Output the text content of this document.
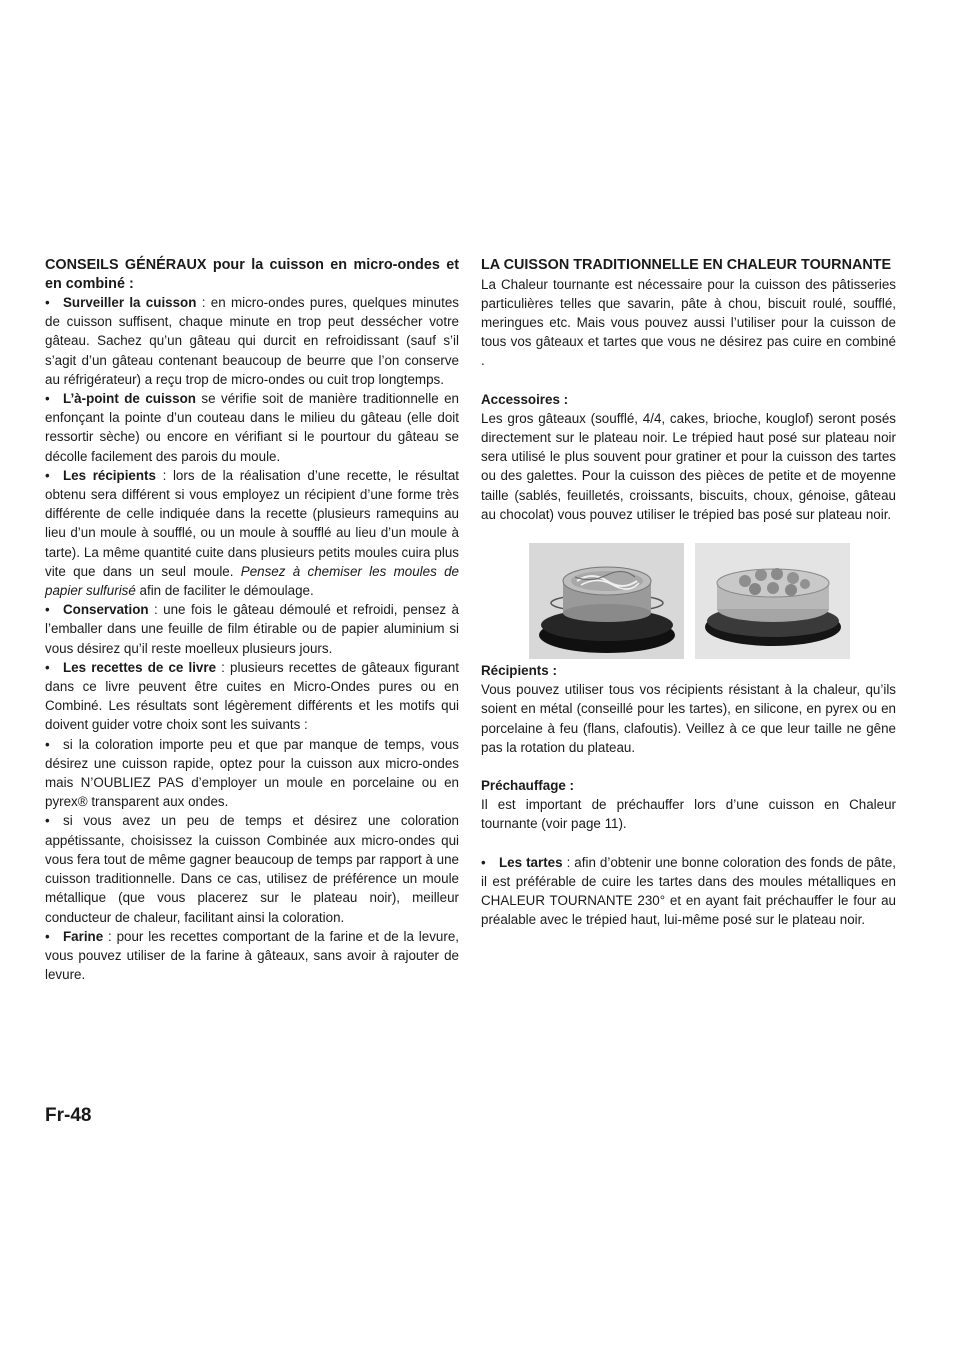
CONSEILS GÉNÉRAUX pour la cuisson en micro-ondes et en combiné :

• Surveiller la cuisson : en micro-ondes pures, quelques minutes de cuisson suffisent, chaque minute en trop peut dessécher votre gâteau. Sachez qu’un gâteau qui durcit en refroidissant (sauf s’il s’agit d’un gâteau contenant beaucoup de beurre que l’on conserve au réfrigérateur) a reçu trop de micro-ondes ou cuit trop longtemps.

• L’à-point de cuisson se vérifie soit de manière traditionnelle en enfonçant la pointe d’un couteau dans le milieu du gâteau (elle doit ressortir sèche) ou encore en vérifiant si le pourtour du gâteau se décolle facilement des parois du moule.

• Les récipients : lors de la réalisation d’une recette, le résultat obtenu sera différent si vous employez un récipient d’une forme très différente de celle indiquée dans la recette (plusieurs ramequins au lieu d’un moule à soufflé, ou un moule à soufflé au lieu d’un moule à tarte). La même quantité cuite dans plusieurs petits moules cuira plus vite que dans un seul moule. Pensez à chemiser les moules de papier sulfurisé afin de faciliter le démoulage.

• Conservation : une fois le gâteau démoulé et refroidi, pensez à l’emballer dans une feuille de film étirable ou de papier aluminium si vous désirez qu’il reste moelleux plusieurs jours.

• Les recettes de ce livre : plusieurs recettes de gâteaux figurant dans ce livre peuvent être cuites en Micro-Ondes pures ou en Combiné. Les résultats sont légèrement différents et les motifs qui doivent guider votre choix sont les suivants :

• si la coloration importe peu et que par manque de temps, vous désirez une cuisson rapide, optez pour la cuisson aux micro-ondes mais N’OUBLIEZ PAS d’employer un moule en porcelaine ou en pyrex® transparent aux ondes.

• si vous avez un peu de temps et désirez une coloration appétissante, choisissez la cuisson Combinée aux micro-ondes qui vous fera tout de même gagner beaucoup de temps par rapport à une cuisson traditionnelle. Dans ce cas, utilisez de préférence un moule métallique (que vous placerez sur le plateau noir), meilleur conducteur de chaleur, facilitant ainsi la coloration.

• Farine : pour les recettes comportant de la farine et de la levure, vous pouvez utiliser de la farine à gâteaux, sans avoir à rajouter de levure.

LA CUISSON TRADITIONNELLE EN CHALEUR TOURNANTE

La Chaleur tournante est nécessaire pour la cuisson des pâtisseries particulières telles que savarin, pâte à chou, biscuit roulé, soufflé, meringues etc. Mais vous pouvez aussi l’utiliser pour la cuisson de tous vos gâteaux et tartes que vous ne désirez pas cuire en combiné .

Accessoires :

Les gros gâteaux (soufflé, 4/4, cakes, brioche, kouglof) seront posés directement sur le plateau noir. Le trépied haut posé sur plateau noir sera utilisé le plus souvent pour gratiner et pour la cuisson des tartes ou des galettes. Pour la cuisson des pièces de petite et de moyenne taille (sablés, feuilletés, croissants, biscuits, choux, génoise, gâteau au chocolat) vous pouvez utiliser le trépied bas posé sur plateau noir.

Récipients :

Vous pouvez utiliser tous vos récipients résistant à la chaleur, qu’ils soient en métal (conseillé pour les tartes), en silicone, en pyrex ou en porcelaine à feu (flans, clafoutis). Veillez à ce que leur taille ne gêne pas la rotation du plateau.

Préchauffage :

Il est important de préchauffer lors d’une cuisson en Chaleur tournante (voir page 11).

• Les tartes : afin d’obtenir une bonne coloration des fonds de pâte, il est préférable de cuire les tartes dans des moules métalliques en CHALEUR TOURNANTE 230° et en ayant fait préchauffer le four au préalable avec le trépied haut, lui-même posé sur le plateau noir.

Fr-48
